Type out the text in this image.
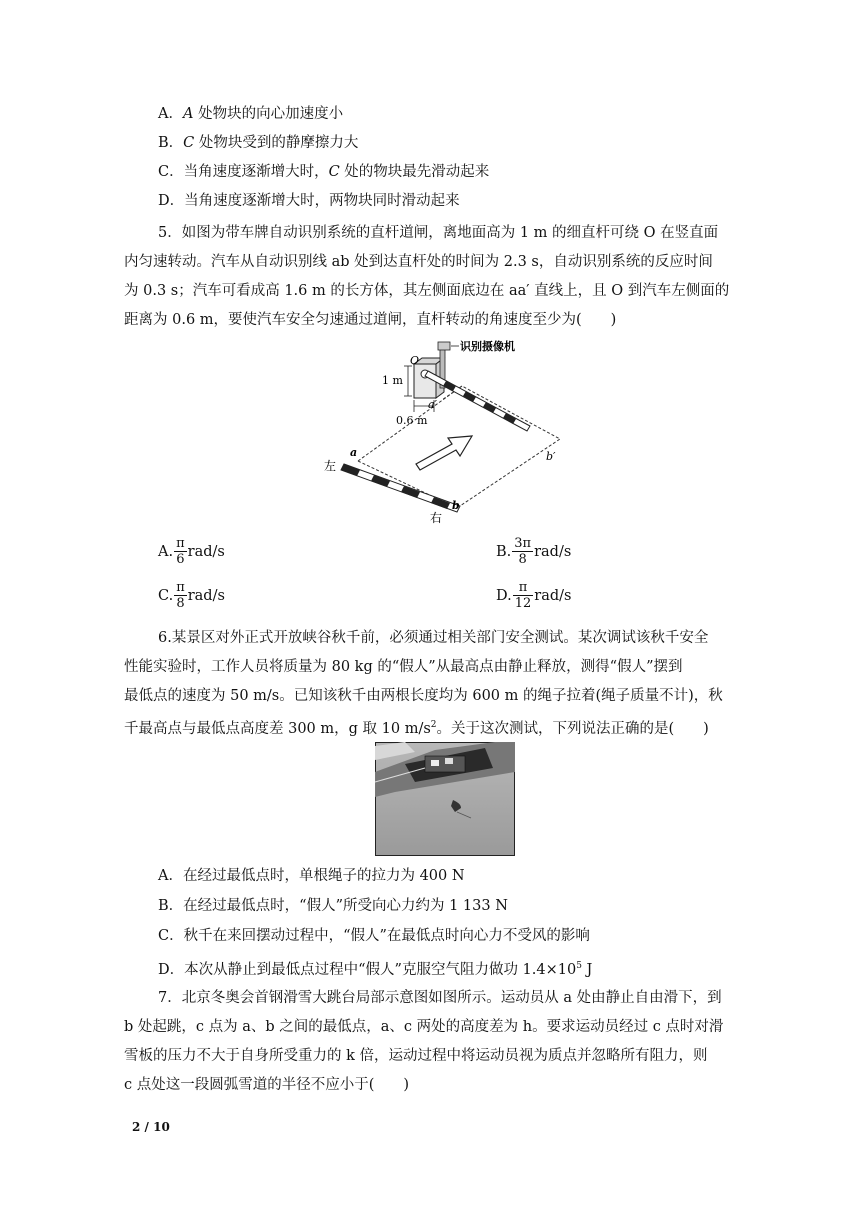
A．A 处物块的向心加速度小
B．C 处物块受到的静摩擦力大
C．当角速度逐渐增大时，C 处的物块最先滑动起来
D．当角速度逐渐增大时，两物块同时滑动起来
5．如图为带车牌自动识别系统的直杆道闸，离地面高为 1 m 的细直杆可绕 O 在竖直面
内匀速转动。汽车从自动识别线 ab 处到达直杆处的时间为 2.3 s，自动识别系统的反应时间
为 0.3 s；汽车可看成高 1.6 m 的长方体，其左侧面底边在 aa′ 直线上，且 O 到汽车左侧面的
距离为 0.6 m，要使汽车安全匀速通过道闸，直杆转动的角速度至少为(　　)
识别摄像机
O
1 m
0.6 m
a′
b′
a
b
左
右
A. $\frac{\pi}{6} rad/s$	B. $\frac{3\pi}{8} rad/s$
C. $\frac{\pi}{8} rad/s$	D. $\frac{\pi}{12} rad/s$
6.某景区对外正式开放峡谷秋千前，必须通过相关部门安全测试。某次调试该秋千安全
性能实验时，工作人员将质量为 80 kg 的“假人”从最高点由静止释放，测得“假人”摆到
最低点的速度为 50 m/s。已知该秋千由两根长度均为 600 m 的绳子拉着(绳子质量不计)，秋
千最高点与最低点高度差 300 m，g 取 10 $m/s^2$。关于这次测试，下列说法正确的是(　　)
A．在经过最低点时，单根绳子的拉力为 400 N
B．在经过最低点时，“假人”所受向心力约为 1 133 N
C．秋千在来回摆动过程中，“假人”在最低点时向心力不受风的影响
D．本次从静止到最低点过程中“假人”克服空气阻力做功 $1.4\times 10^5$ J
7．北京冬奥会首钢滑雪大跳台局部示意图如图所示。运动员从 a 处由静止自由滑下，到
b 处起跳，c 点为 a、b 之间的最低点，a、c 两处的高度差为 h。要求运动员经过 c 点时对滑
雪板的压力不大于自身所受重力的 k 倍，运动过程中将运动员视为质点并忽略所有阻力，则
c 点处这一段圆弧雪道的半径不应小于(　　)
2 / 10
